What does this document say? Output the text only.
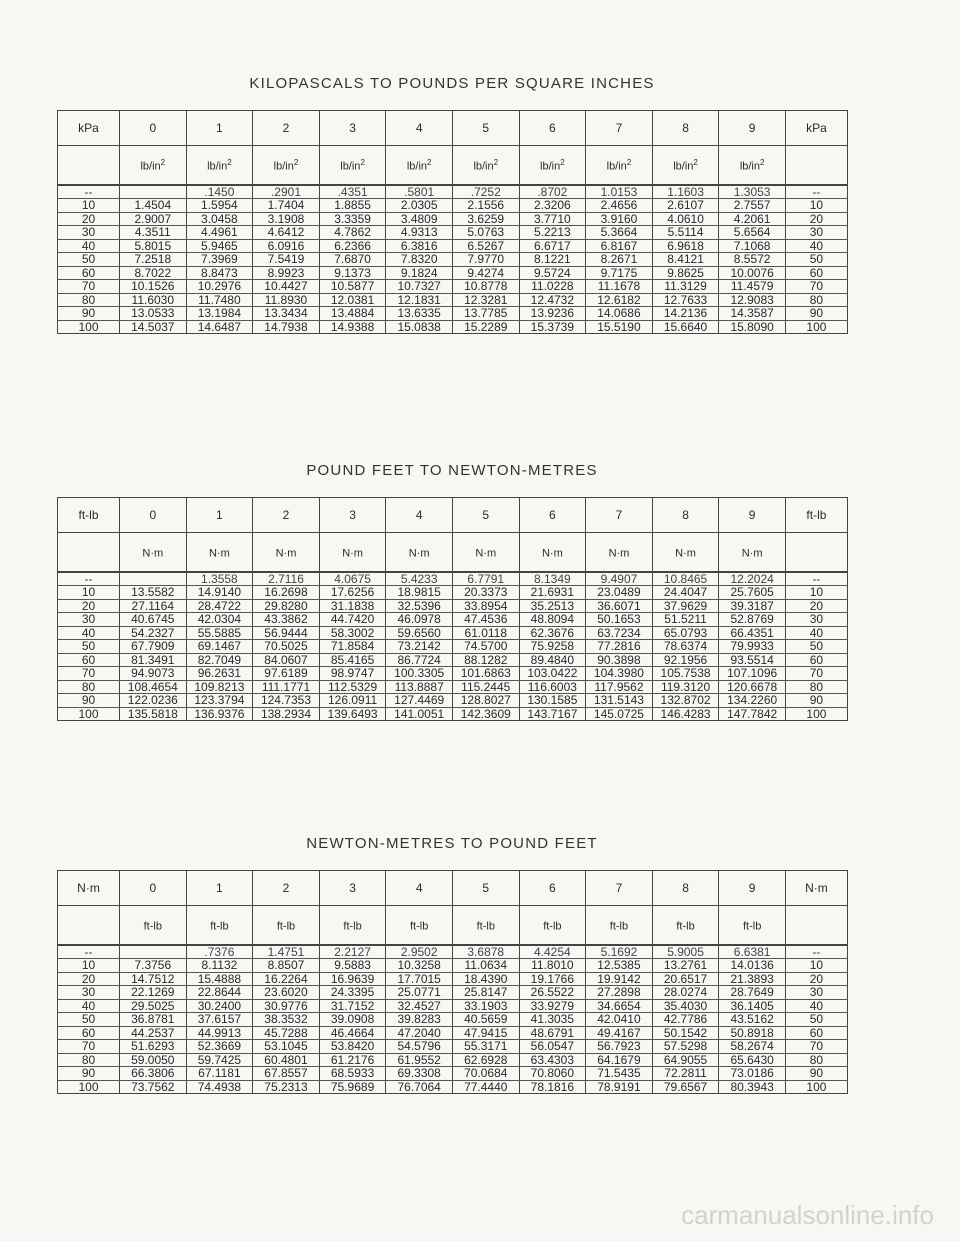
KILOPASCALS TO POUNDS PER SQUARE INCHES
kPa	0	1	2	3	4	5	6	7	8	9	kPa
	$lb/in^2$	$lb/in^2$	$lb/in^2$	$lb/in^2$	$lb/in^2$	$lb/in^2$	$lb/in^2$	$lb/in^2$	$lb/in^2$	$lb/in^2$	
--		.1450	.2901	.4351	.5801	.7252	.8702	1.0153	1.1603	1.3053	--
10	1.4504	1.5954	1.7404	1.8855	2.0305	2.1556	2.3206	2.4656	2.6107	2.7557	10
20	2.9007	3.0458	3.1908	3.3359	3.4809	3.6259	3.7710	3.9160	4.0610	4.2061	20
30	4.3511	4.4961	4.6412	4.7862	4.9313	5.0763	5.2213	5.3664	5.5114	5.6564	30
40	5.8015	5.9465	6.0916	6.2366	6.3816	6.5267	6.6717	6.8167	6.9618	7.1068	40
50	7.2518	7.3969	7.5419	7.6870	7.8320	7.9770	8.1221	8.2671	8.4121	8.5572	50
60	8.7022	8.8473	8.9923	9.1373	9.1824	9.4274	9.5724	9.7175	9.8625	10.0076	60
70	10.1526	10.2976	10.4427	10.5877	10.7327	10.8778	11.0228	11.1678	11.3129	11.4579	70
80	11.6030	11.7480	11.8930	12.0381	12.1831	12.3281	12.4732	12.6182	12.7633	12.9083	80
90	13.0533	13.1984	13.3434	13.4884	13.6335	13.7785	13.9236	14.0686	14.2136	14.3587	90
100	14.5037	14.6487	14.7938	14.9388	15.0838	15.2289	15.3739	15.5190	15.6640	15.8090	100
POUND FEET TO NEWTON-METRES
ft-lb	0	1	2	3	4	5	6	7	8	9	ft-lb
	N·m	N·m	N·m	N·m	N·m	N·m	N·m	N·m	N·m	N·m	
--		1.3558	2.7116	4.0675	5.4233	6.7791	8.1349	9.4907	10.8465	12.2024	--
10	13.5582	14.9140	16.2698	17.6256	18.9815	20.3373	21.6931	23.0489	24.4047	25.7605	10
20	27.1164	28.4722	29.8280	31.1838	32.5396	33.8954	35.2513	36.6071	37.9629	39.3187	20
30	40.6745	42.0304	43.3862	44.7420	46.0978	47.4536	48.8094	50.1653	51.5211	52.8769	30
40	54.2327	55.5885	56.9444	58.3002	59.6560	61.0118	62.3676	63.7234	65.0793	66.4351	40
50	67.7909	69.1467	70.5025	71.8584	73.2142	74.5700	75.9258	77.2816	78.6374	79.9933	50
60	81.3491	82.7049	84.0607	85.4165	86.7724	88.1282	89.4840	90.3898	92.1956	93.5514	60
70	94.9073	96.2631	97.6189	98.9747	100.3305	101.6863	103.0422	104.3980	105.7538	107.1096	70
80	108.4654	109.8213	111.1771	112.5329	113.8887	115.2445	116.6003	117.9562	119.3120	120.6678	80
90	122.0236	123.3794	124.7353	126.0911	127.4469	128.8027	130.1585	131.5143	132.8702	134.2260	90
100	135.5818	136.9376	138.2934	139.6493	141.0051	142.3609	143.7167	145.0725	146.4283	147.7842	100
NEWTON-METRES TO POUND FEET
N·m	0	1	2	3	4	5	6	7	8	9	N·m
	ft-lb	ft-lb	ft-lb	ft-lb	ft-lb	ft-lb	ft-lb	ft-lb	ft-lb	ft-lb	
--		.7376	1.4751	2.2127	2.9502	3.6878	4.4254	5.1692	5.9005	6.6381	--
10	7.3756	8.1132	8.8507	9.5883	10.3258	11.0634	11.8010	12.5385	13.2761	14.0136	10
20	14.7512	15.4888	16.2264	16.9639	17.7015	18.4390	19.1766	19.9142	20.6517	21.3893	20
30	22.1269	22.8644	23.6020	24.3395	25.0771	25.8147	26.5522	27.2898	28.0274	28.7649	30
40	29.5025	30.2400	30.9776	31.7152	32.4527	33.1903	33.9279	34.6654	35.4030	36.1405	40
50	36.8781	37.6157	38.3532	39.0908	39.8283	40.5659	41.3035	42.0410	42.7786	43.5162	50
60	44.2537	44.9913	45.7288	46.4664	47.2040	47.9415	48.6791	49.4167	50.1542	50.8918	60
70	51.6293	52.3669	53.1045	53.8420	54.5796	55.3171	56.0547	56.7923	57.5298	58.2674	70
80	59.0050	59.7425	60.4801	61.2176	61.9552	62.6928	63.4303	64.1679	64.9055	65.6430	80
90	66.3806	67.1181	67.8557	68.5933	69.3308	70.0684	70.8060	71.5435	72.2811	73.0186	90
100	73.7562	74.4938	75.2313	75.9689	76.7064	77.4440	78.1816	78.9191	79.6567	80.3943	100
carmanualsonline.info
